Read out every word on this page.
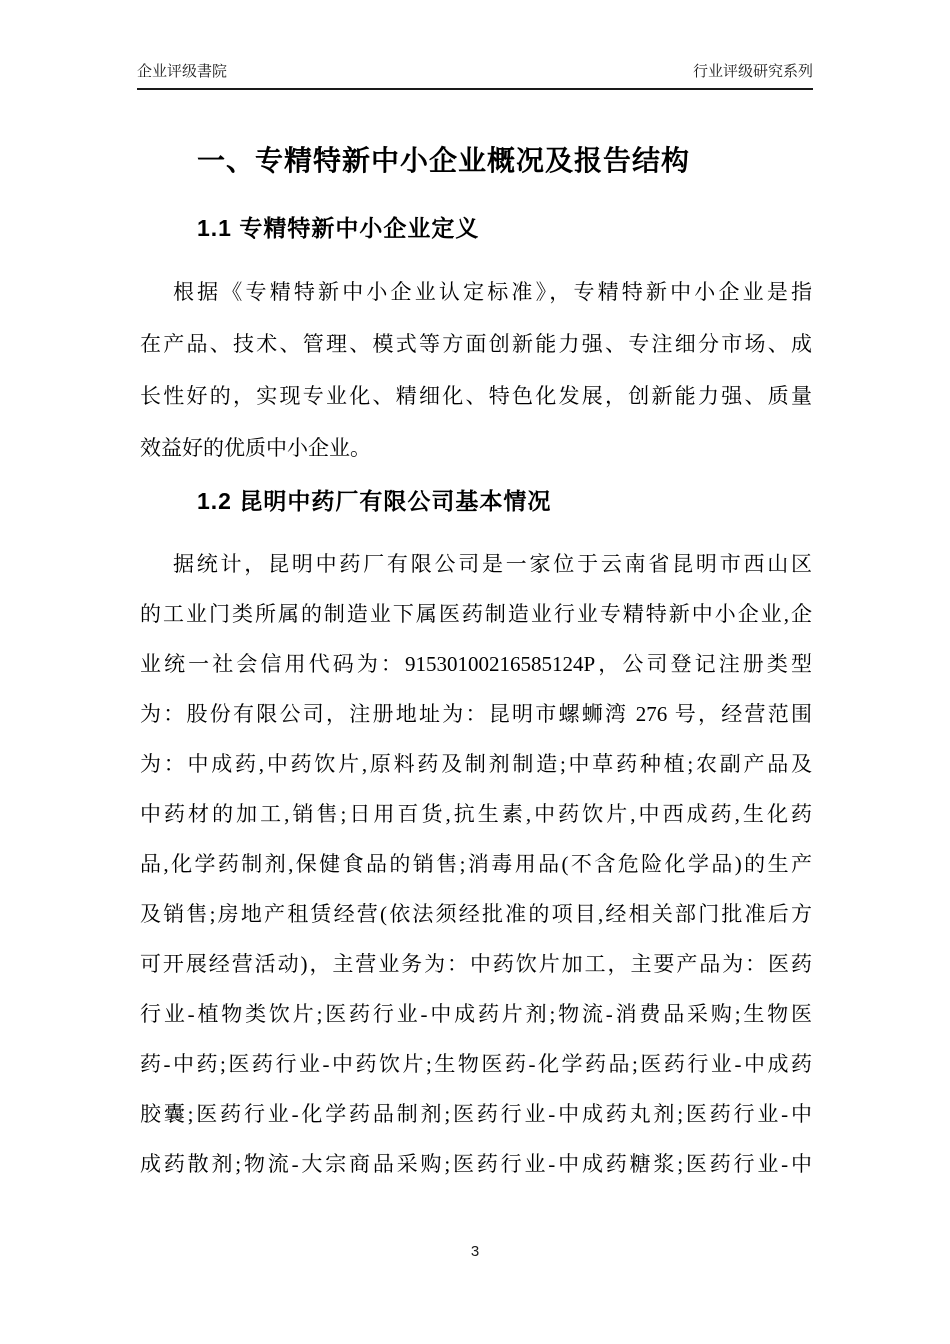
企业评级書院	行业评级研究系列
一、专精特新中小企业概况及报告结构
1.1 专精特新中小企业定义

根据《专精特新中小企业认定标准》，专精特新中小企业是指
在产品、技术、管理、模式等方面创新能力强、专注细分市场、成
长性好的，实现专业化、精细化、特色化发展，创新能力强、质量
效益好的优质中小企业。

1.2 昆明中药厂有限公司基本情况

据统计，昆明中药厂有限公司是一家位于云南省昆明市西山区
的工业门类所属的制造业下属医药制造业行业专精特新中小企业,企
业统一社会信用代码为：91530100216585124P，公司登记注册类型
为：股份有限公司，注册地址为：昆明市螺蛳湾 276 号，经营范围
为：中成药,中药饮片,原料药及制剂制造;中草药种植;农副产品及
中药材的加工,销售;日用百货,抗生素,中药饮片,中西成药,生化药
品,化学药制剂,保健食品的销售;消毒用品(不含危险化学品)的生产
及销售;房地产租赁经营(依法须经批准的项目,经相关部门批准后方
可开展经营活动)，主营业务为：中药饮片加工，主要产品为：医药
行业-植物类饮片;医药行业-中成药片剂;物流-消费品采购;生物医
药-中药;医药行业-中药饮片;生物医药-化学药品;医药行业-中成药
胶囊;医药行业-化学药品制剂;医药行业-中成药丸剂;医药行业-中
成药散剂;物流-大宗商品采购;医药行业-中成药糖浆;医药行业-中

3
